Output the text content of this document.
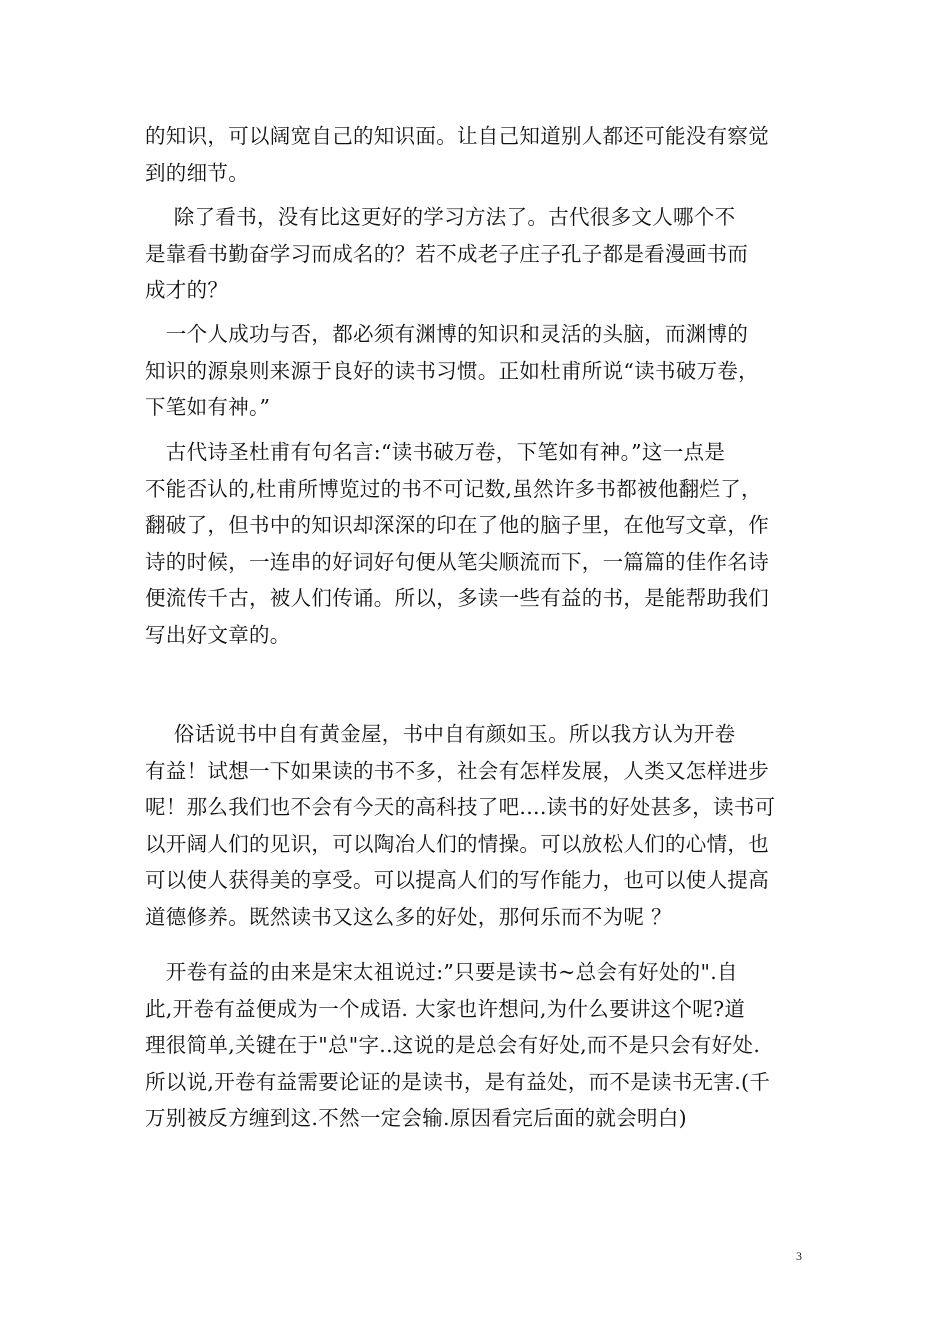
的知识，可以阔宽自己的知识面。让自己知道别人都还可能没有察觉
到的细节。

　除了看书，没有比这更好的学习方法了。古代很多文人哪个不
是靠看书勤奋学习而成名的？若不成老子庄子孔子都是看漫画书而
成才的？

　一个人成功与否，都必须有渊博的知识和灵活的头脑，而渊博的
知识的源泉则来源于良好的读书习惯。正如杜甫所说“读书破万卷，
下笔如有神。”

　古代诗圣杜甫有句名言:“读书破万卷，下笔如有神。”这一点是
不能否认的,杜甫所博览过的书不可记数,虽然许多书都被他翻烂了，
翻破了，但书中的知识却深深的印在了他的脑子里，在他写文章，作
诗的时候，一连串的好词好句便从笔尖顺流而下，一篇篇的佳作名诗
便流传千古，被人们传诵。所以，多读一些有益的书，是能帮助我们
写出好文章的。

　俗话说书中自有黄金屋，书中自有颜如玉。所以我方认为开卷
有益！试想一下如果读的书不多，社会有怎样发展，人类又怎样进步
呢！那么我们也不会有今天的高科技了吧....读书的好处甚多，读书可
以开阔人们的见识，可以陶冶人们的情操。可以放松人们的心情，也
可以使人获得美的享受。可以提高人们的写作能力，也可以使人提高
道德修养。既然读书又这么多的好处，那何乐而不为呢 ？

　开卷有益的由来是宋太祖说过:”只要是读书~总会有好处的".自
此,开卷有益便成为一个成语. 大家也许想问,为什么要讲这个呢?道
理很简单,关键在于"总"字..这说的是总会有好处,而不是只会有好处.
所以说,开卷有益需要论证的是读书，是有益处，而不是读书无害.(千
万别被反方缠到这.不然一定会输.原因看完后面的就会明白)

3
